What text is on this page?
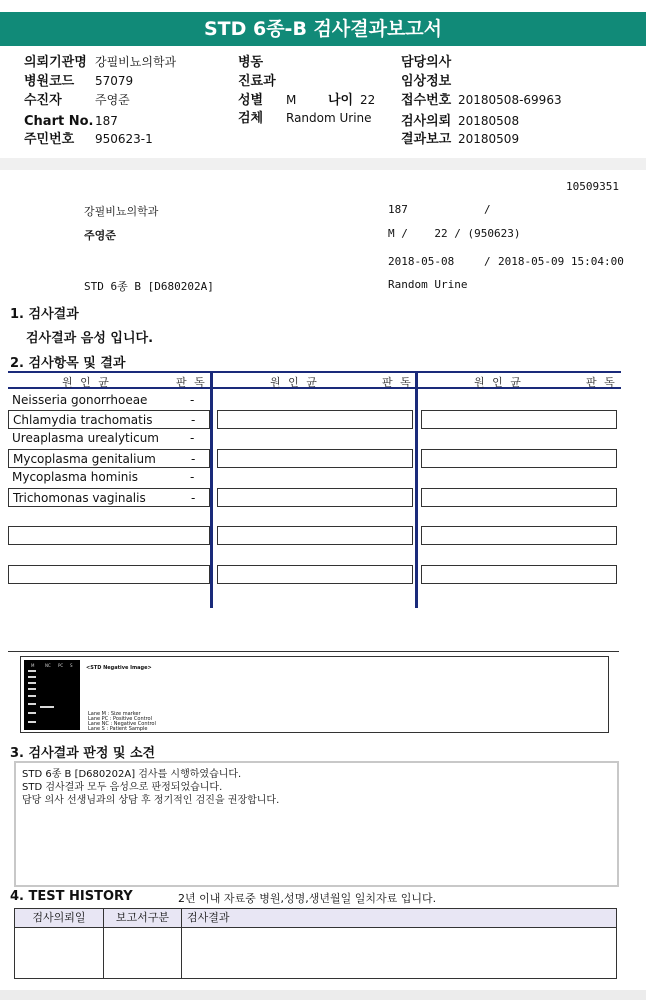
STD 6종-B 검사결과보고서
의뢰기관명 강필비뇨의학과	병동	담당의사
병원코드 57079	진료과	임상정보
수진자	주영준	성별 M 나이 22 접수번호 20180508-69963
Chart No. 187	검체 Random Urine 검사의뢰 20180508
주민번호 950623-1	결과보고 20180509
10509351
강필비뇨의학과	187	/
주영준	M /    22 / (950623)
2018-05-08	/ 2018-05-09 15:04:00
STD 6종 B [D680202A]	Random Urine
1. 검사결과
검사결과 음성 입니다.
2. 검사항목 및 결과
원 인 균	판 독	원 인 균	판 독	원 인 균	판 독
Neisseria gonorrhoeae	-
Chlamydia trachomatis	-
Ureaplasma urealyticum	-
Mycoplasma genitalium	-
Mycoplasma hominis	-
Trichomonas vaginalis	-
M	NC PC S	<STD Negative Image>
Lane M : Size marker
Lane PC : Positive Control
Lane NC : Negative Control
Lane S : Patient Sample
3. 검사결과 판정 및 소견
STD 6종 B [D680202A] 검사를 시행하였습니다.
STD 검사결과 모두 음성으로 판정되었습니다.
담당 의사 선생님과의 상담 후 정기적인 검진을 권장합니다.
4. TEST HISTORY	2년 이내 자료중 병원,성명,생년월일 일치자료 입니다.
검사의뢰일	보고서구분	검사결과
